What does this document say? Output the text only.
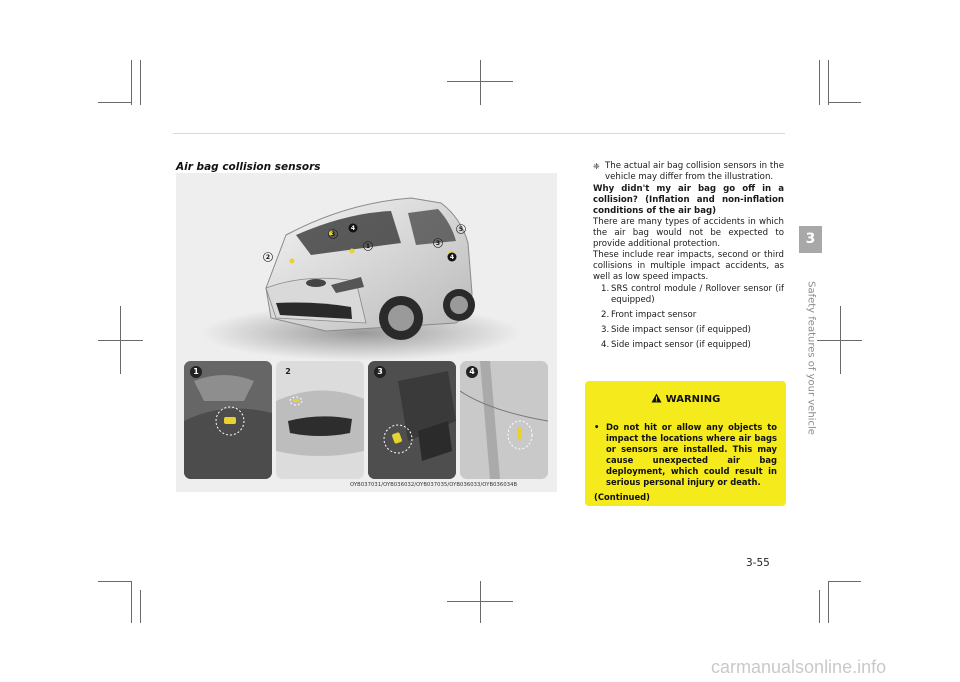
Air bag collision sensors
3
4
1
2
3
4
5
1	2	3	4
OYB037031/OYB036032/OYB037035/OYB036033/OYB036034B
❈ The actual air bag collision sensors in the vehicle may differ from the illustration.
Why didn't my air bag go off in a collision? (Inflation and non-inflation conditions of the air bag)
There are many types of accidents in which the air bag would not be expected to provide additional protection.
These include rear impacts, second or third collisions in multiple impact accidents, as well as low speed impacts.
1. SRS control module / Rollover sensor (if equipped)
2. Front impact sensor
3. Side impact sensor (if equipped)
4. Side impact sensor (if equipped)
WARNING
• Do not hit or allow any objects to impact the locations where air bags or sensors are installed. This may cause unexpected air bag deployment, which could result in serious personal injury or death.
(Continued)
3
Safety features of your vehicle
3-55
carmanualsonline.info
